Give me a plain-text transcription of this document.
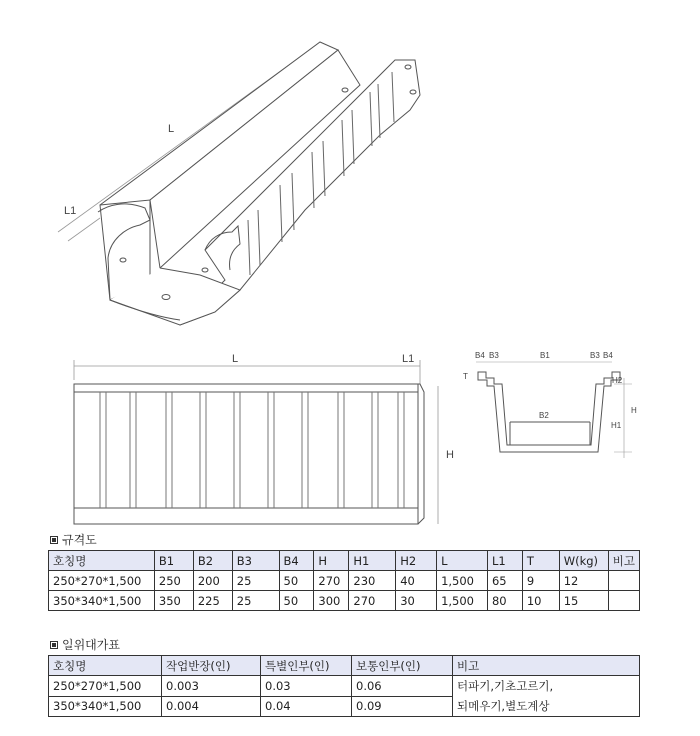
L
L1
L	L1
H
B4 B3	B1	B3 B4
T
B2
H2
H
H1
규격도
호칭명	B1	B2	B3	B4	H	H1	H2	L	L1	T	W(kg)	비고
250*270*1,500	250	200	25	50	270	230	40	1,500	65	9	12	
350*340*1,500	350	225	25	50	300	270	30	1,500	80	10	15	
일위대가표
호칭명	작업반장(인)	특별인부(인)	보통인부(인)	비고
250*270*1,500	0.003	0.03	0.06	터파기,기초고르기,
되메우기,별도계상

350*340*1,500	0.004	0.04	0.09	
